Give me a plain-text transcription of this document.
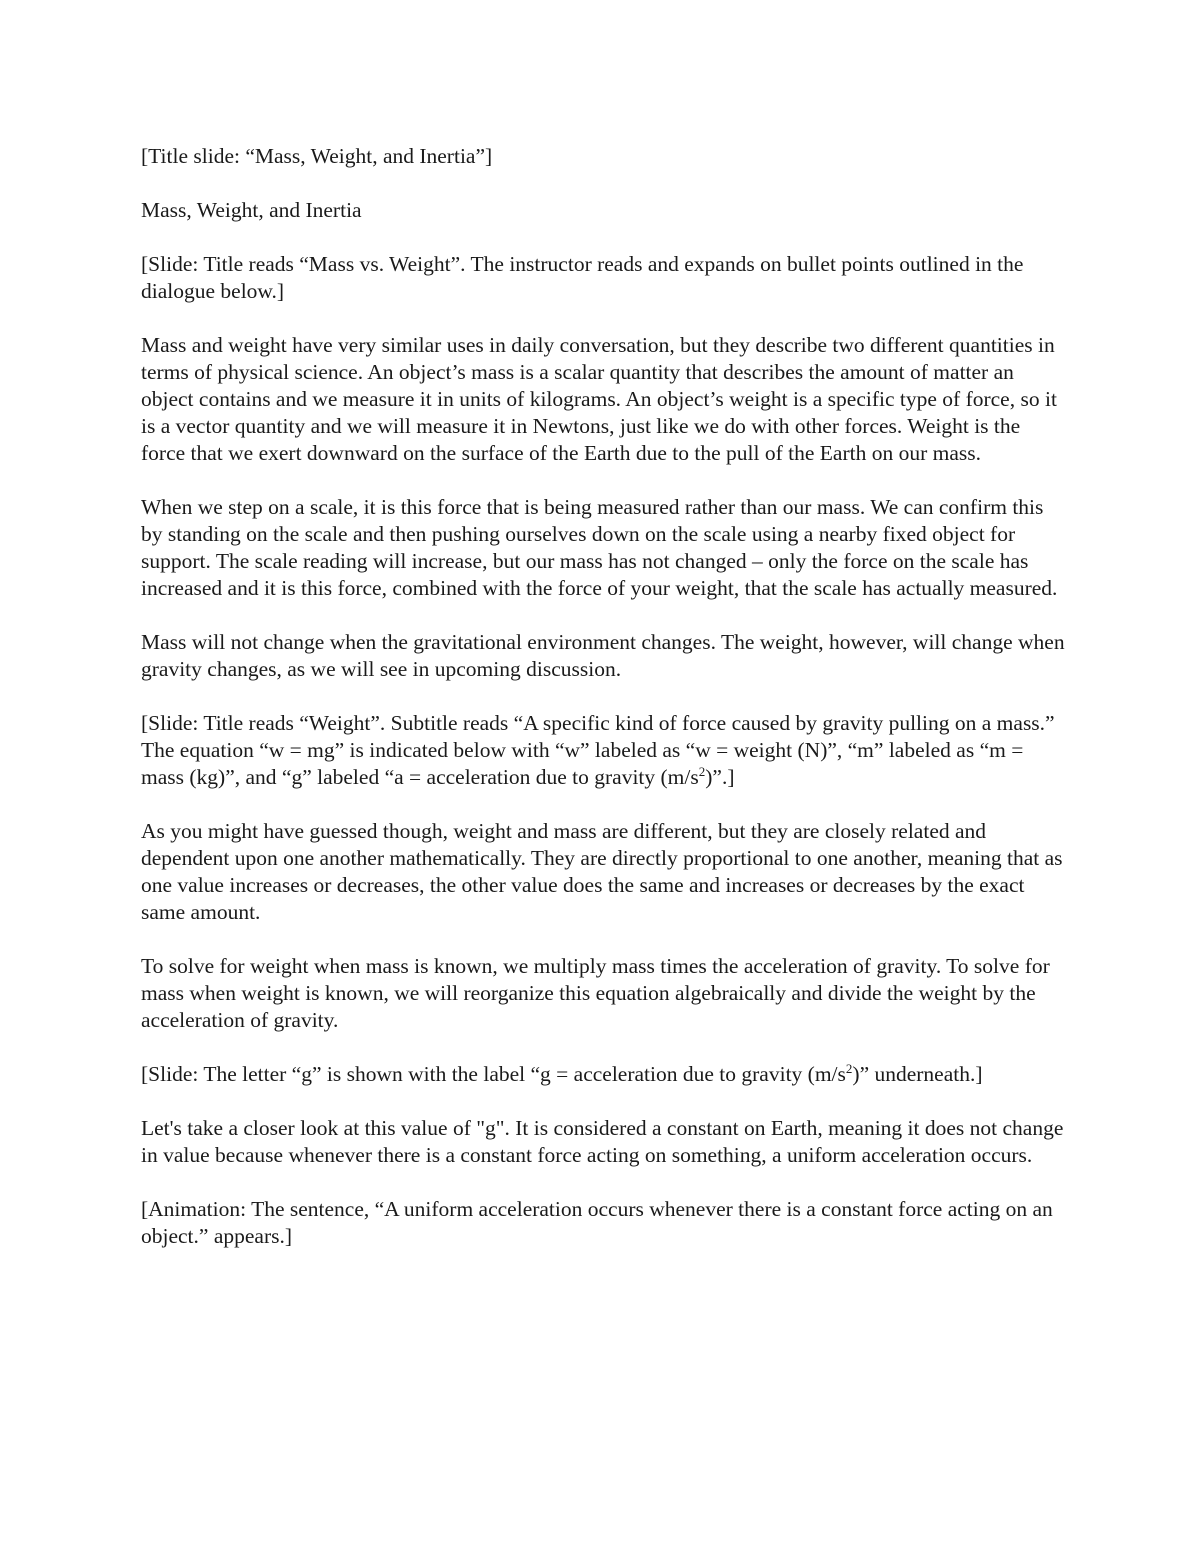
[Title slide: “Mass, Weight, and Inertia”]

Mass, Weight, and Inertia

[Slide: Title reads “Mass vs. Weight”. The instructor reads and expands on bullet points outlined in the dialogue below.]

Mass and weight have very similar uses in daily conversation, but they describe two different quantities in terms of physical science. An object’s mass is a scalar quantity that describes the amount of matter an object contains and we measure it in units of kilograms. An object’s weight is a specific type of force, so it is a vector quantity and we will measure it in Newtons, just like we do with other forces. Weight is the force that we exert downward on the surface of the Earth due to the pull of the Earth on our mass.

When we step on a scale, it is this force that is being measured rather than our mass. We can confirm this by standing on the scale and then pushing ourselves down on the scale using a nearby fixed object for support. The scale reading will increase, but our mass has not changed – only the force on the scale has increased and it is this force, combined with the force of your weight, that the scale has actually measured.

Mass will not change when the gravitational environment changes. The weight, however, will change when gravity changes, as we will see in upcoming discussion.

[Slide: Title reads “Weight”. Subtitle reads “A specific kind of force caused by gravity pulling on a mass.” The equation “w = mg” is indicated below with “w” labeled as “w = weight (N)”, “m” labeled as “m = mass (kg)”, and “g” labeled “a = acceleration due to gravity $(m/s^2)$”.]

As you might have guessed though, weight and mass are different, but they are closely related and dependent upon one another mathematically. They are directly proportional to one another, meaning that as one value increases or decreases, the other value does the same and increases or decreases by the exact same amount.

To solve for weight when mass is known, we multiply mass times the acceleration of gravity. To solve for mass when weight is known, we will reorganize this equation algebraically and divide the weight by the acceleration of gravity.

[Slide: The letter “g” is shown with the label “g = acceleration due to gravity $(m/s^2)$” underneath.]

Let's take a closer look at this value of "g". It is considered a constant on Earth, meaning it does not change in value because whenever there is a constant force acting on something, a uniform acceleration occurs.

[Animation: The sentence, “A uniform acceleration occurs whenever there is a constant force acting on an object.” appears.]
